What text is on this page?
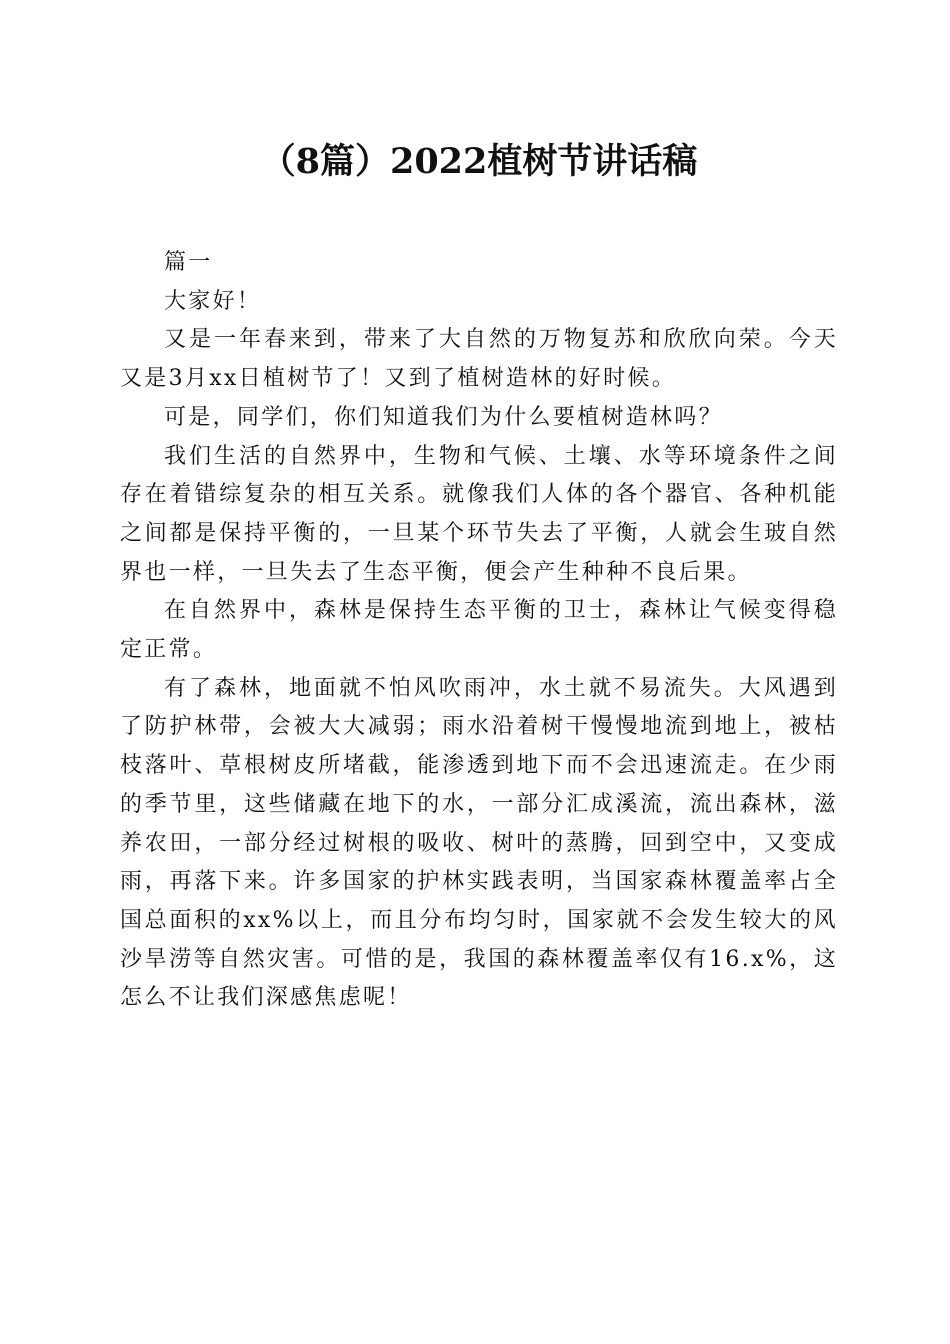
（8篇）2022植树节讲话稿

篇一

大家好！

又是一年春来到，带来了大自然的万物复苏和欣欣向荣。今天又是3月xx日植树节了！又到了植树造林的好时候。

可是，同学们，你们知道我们为什么要植树造林吗？

我们生活的自然界中，生物和气候、土壤、水等环境条件之间存在着错综复杂的相互关系。就像我们人体的各个器官、各种机能之间都是保持平衡的，一旦某个环节失去了平衡，人就会生玻自然界也一样，一旦失去了生态平衡，便会产生种种不良后果。

在自然界中，森林是保持生态平衡的卫士，森林让气候变得稳定正常。

有了森林，地面就不怕风吹雨冲，水土就不易流失。大风遇到了防护林带，会被大大减弱；雨水沿着树干慢慢地流到地上，被枯枝落叶、草根树皮所堵截，能渗透到地下而不会迅速流走。在少雨的季节里，这些储藏在地下的水，一部分汇成溪流，流出森林，滋养农田，一部分经过树根的吸收、树叶的蒸腾，回到空中，又变成雨，再落下来。许多国家的护林实践表明，当国家森林覆盖率占全国总面积的xx%以上，而且分布均匀时，国家就不会发生较大的风沙旱涝等自然灾害。可惜的是，我国的森林覆盖率仅有16.x%，这怎么不让我们深感焦虑呢！
